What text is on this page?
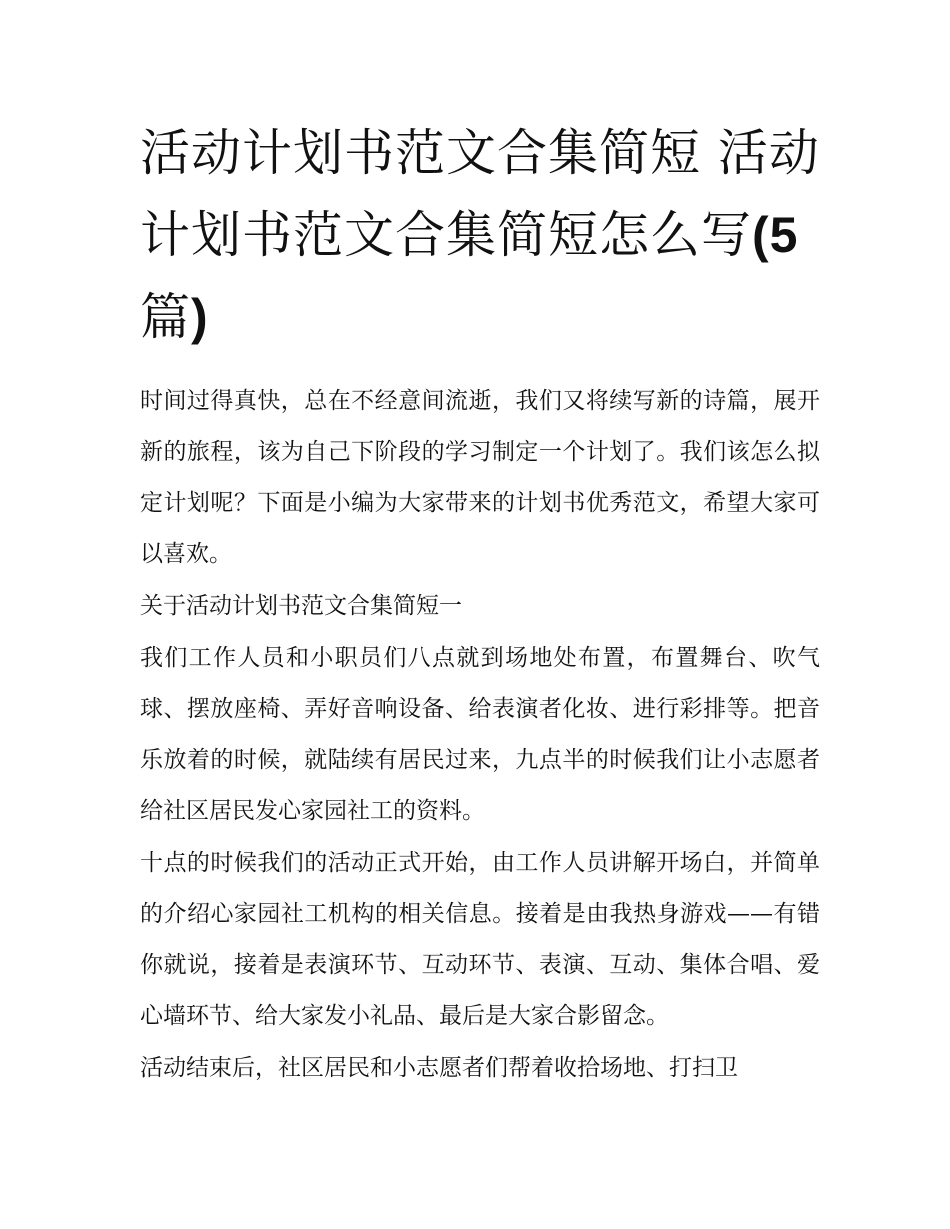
活动计划书范文合集简短 活动计划书范文合集简短怎么写(5
篇)

时间过得真快，总在不经意间流逝，我们又将续写新的诗篇，展开新的旅程，该为自己下阶段的学习制定一个计划了。我们该怎么拟定计划呢？下面是小编为大家带来的计划书优秀范文，希望大家可以喜欢。

关于活动计划书范文合集简短一

我们工作人员和小职员们八点就到场地处布置，布置舞台、吹气球、摆放座椅、弄好音响设备、给表演者化妆、进行彩排等。把音乐放着的时候，就陆续有居民过来，九点半的时候我们让小志愿者给社区居民发心家园社工的资料。

十点的时候我们的活动正式开始，由工作人员讲解开场白，并简单的介绍心家园社工机构的相关信息。接着是由我热身游戏——有错你就说，接着是表演环节、互动环节、表演、互动、集体合唱、爱心墙环节、给大家发小礼品、最后是大家合影留念。

活动结束后，社区居民和小志愿者们帮着收拾场地、打扫卫
